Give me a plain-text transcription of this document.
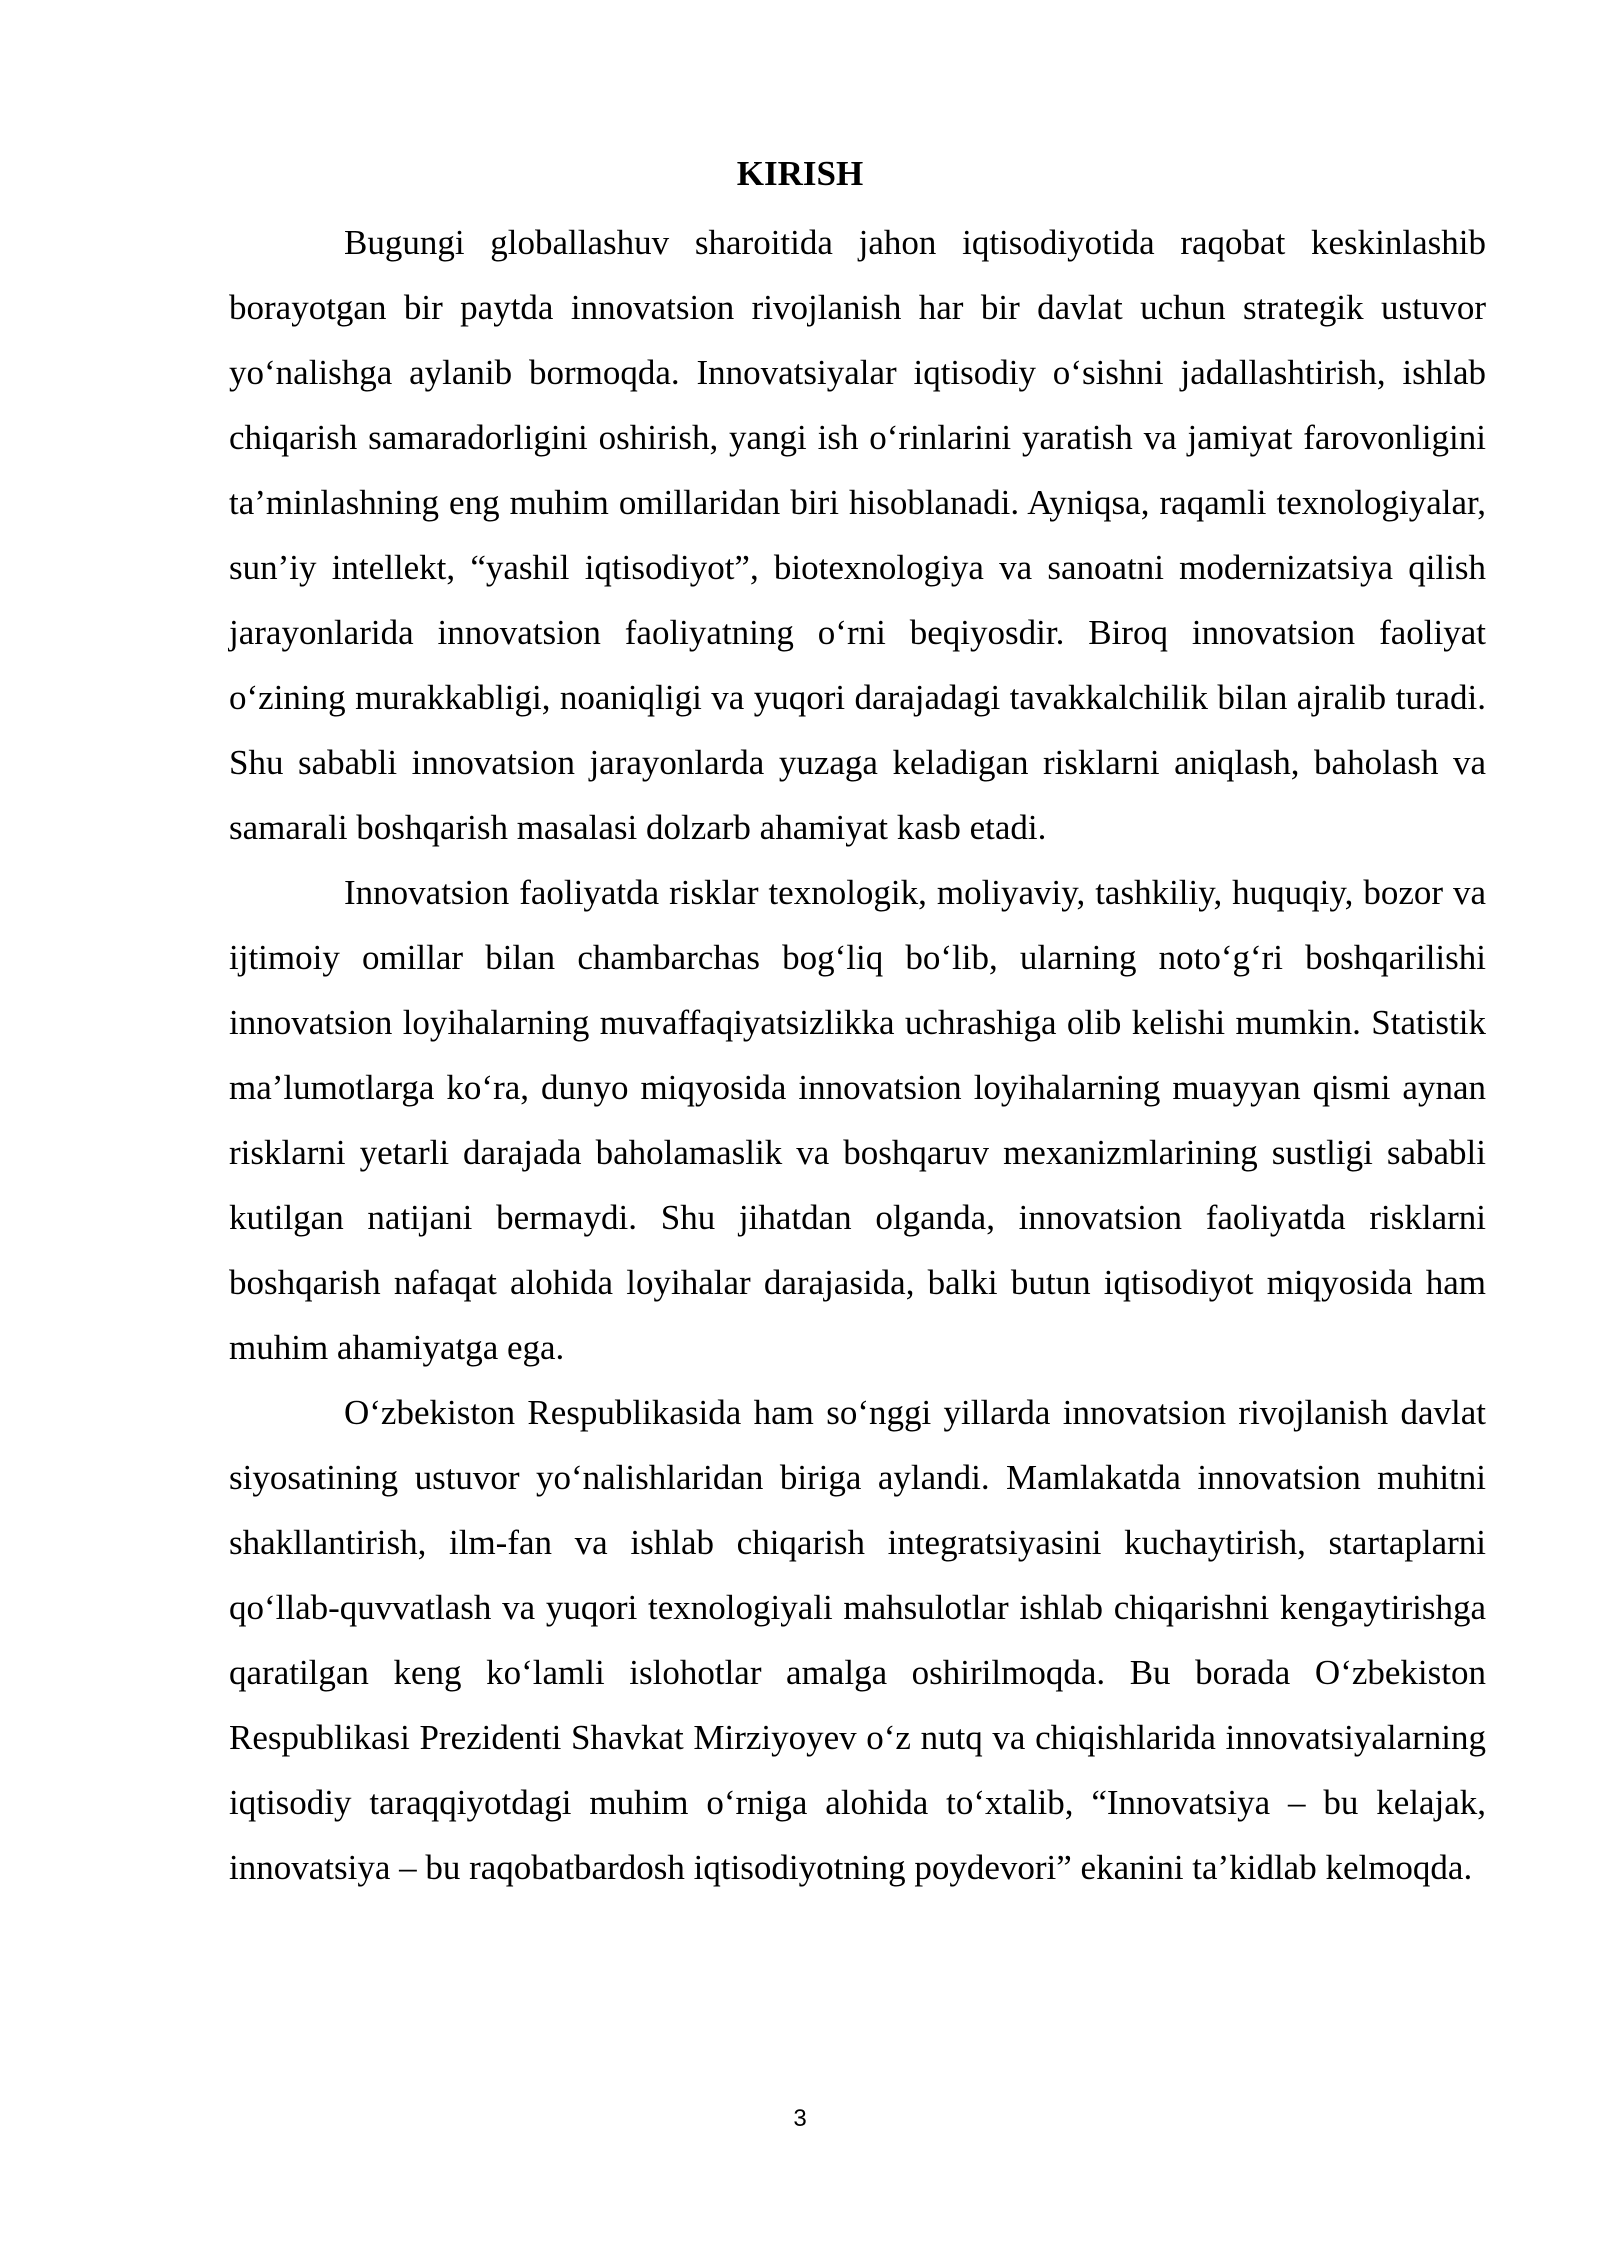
KIRISH

Bugungi globallashuv sharoitida jahon iqtisodiyotida raqobat keskinlashib borayotgan bir paytda innovatsion rivojlanish har bir davlat uchun strategik ustuvor yo‘nalishga aylanib bormoqda. Innovatsiyalar iqtisodiy o‘sishni jadallashtirish, ishlab chiqarish samaradorligini oshirish, yangi ish o‘rinlarini yaratish va jamiyat farovonligini ta’minlashning eng muhim omillaridan biri hisoblanadi. Ayniqsa, raqamli texnologiyalar, sun’iy intellekt, “yashil iqtisodiyot”, biotexnologiya va sanoatni modernizatsiya qilish jarayonlarida innovatsion faoliyatning o‘rni beqiyosdir. Biroq innovatsion faoliyat o‘zining murakkabligi, noaniqligi va yuqori darajadagi tavakkalchilik bilan ajralib turadi. Shu sababli innovatsion jarayonlarda yuzaga keladigan risklarni aniqlash, baholash va samarali boshqarish masalasi dolzarb ahamiyat kasb etadi.

Innovatsion faoliyatda risklar texnologik, moliyaviy, tashkiliy, huquqiy, bozor va ijtimoiy omillar bilan chambarchas bog‘liq bo‘lib, ularning noto‘g‘ri boshqarilishi innovatsion loyihalarning muvaffaqiyatsizlikka uchrashiga olib kelishi mumkin. Statistik ma’lumotlarga ko‘ra, dunyo miqyosida innovatsion loyihalarning muayyan qismi aynan risklarni yetarli darajada baholamaslik va boshqaruv mexanizmlarining sustligi sababli kutilgan natijani bermaydi. Shu jihatdan olganda, innovatsion faoliyatda risklarni boshqarish nafaqat alohida loyihalar darajasida, balki butun iqtisodiyot miqyosida ham muhim ahamiyatga ega.

O‘zbekiston Respublikasida ham so‘nggi yillarda innovatsion rivojlanish davlat siyosatining ustuvor yo‘nalishlaridan biriga aylandi. Mamlakatda innovatsion muhitni shakllantirish, ilm-fan va ishlab chiqarish integratsiyasini kuchaytirish, startaplarni qo‘llab-quvvatlash va yuqori texnologiyali mahsulotlar ishlab chiqarishni kengaytirishga qaratilgan keng ko‘lamli islohotlar amalga oshirilmoqda. Bu borada O‘zbekiston Respublikasi Prezidenti Shavkat Mirziyoyev o‘z nutq va chiqishlarida innovatsiyalarning iqtisodiy taraqqiyotdagi muhim o‘rniga alohida to‘xtalib, “Innovatsiya – bu kelajak, innovatsiya – bu raqobatbardosh iqtisodiyotning poydevori” ekanini ta’kidlab kelmoqda.

3
